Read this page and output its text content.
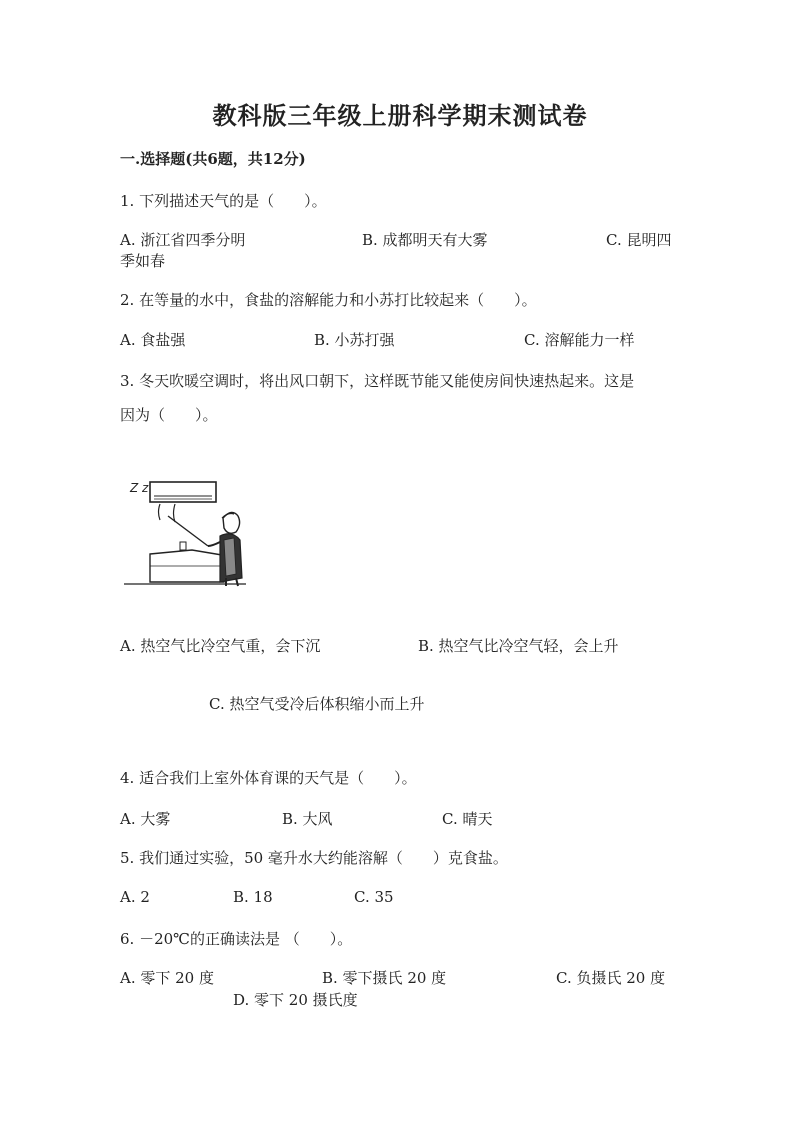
教科版三年级上册科学期末测试卷
一.选择题(共6题，共12分)
1. 下列描述天气的是（　　）。
A. 浙江省四季分明	B. 成都明天有大雾	C. 昆明四
季如春
2. 在等量的水中，食盐的溶解能力和小苏打比较起来（　　）。
A. 食盐强	B. 小苏打强	C. 溶解能力一样
3. 冬天吹暖空调时，将出风口朝下，这样既节能又能使房间快速热起来。这是
因为（　　）。
Z z
A. 热空气比冷空气重，会下沉	B. 热空气比冷空气轻，会上升
C. 热空气受冷后体积缩小而上升
4. 适合我们上室外体育课的天气是（　　）。
A. 大雾	B. 大风	C. 晴天
5. 我们通过实验，50 毫升水大约能溶解（　　）克食盐。
A. 2	B. 18	C. 35
6. －20℃的正确读法是 （　　）。
A. 零下 20 度	B. 零下摄氏 20 度	C. 负摄氏 20 度
D. 零下 20 摄氏度
